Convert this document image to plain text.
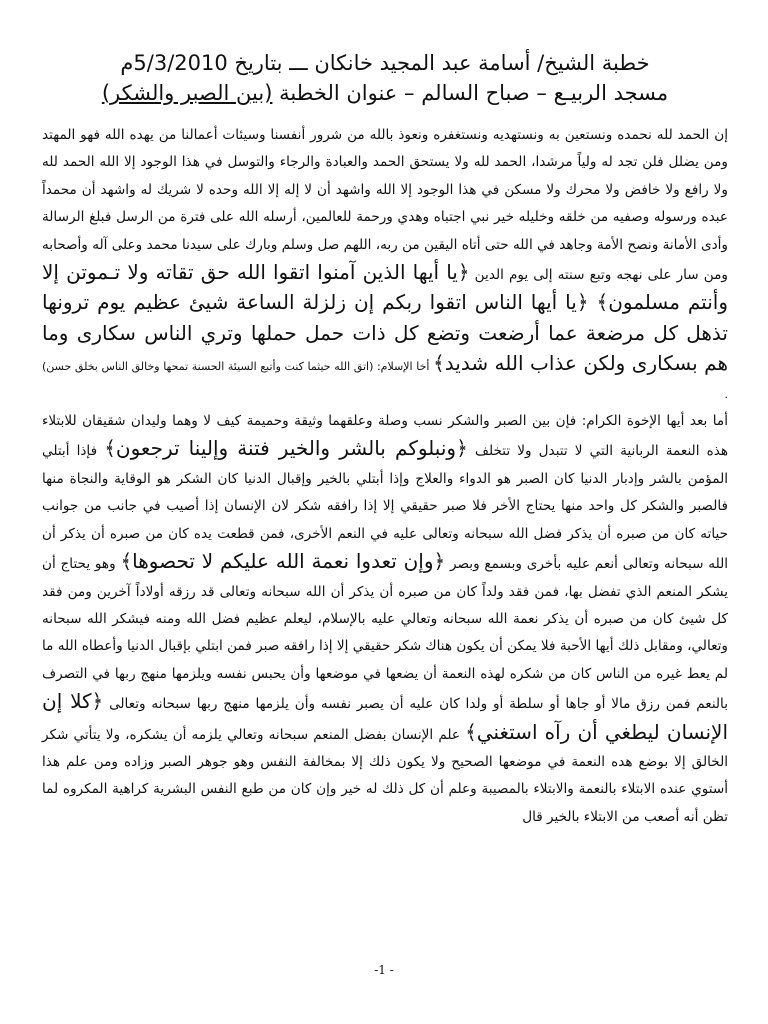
خطبة الشيخ/ أسامة عبد المجيد خانكان ـــ بتاريخ 5/3/2010م
مسجد الربيـع – صباح السالم – عنوان الخطبة (بين الصبر والشكر)
إن الحمد لله نحمده ونستعين به ونستهديه ونستغفره ونعوذ بالله من شرور أنفسنا وسيئات أعمالنا من يهده الله فهو المهتد ومن يضلل فلن تجد له ولياً مرشدا، الحمد لله ولا يستحق الحمد والعبادة والرجاء والتوسل في هذا الوجود إلا الله الحمد لله ولا رافع ولا خافض ولا محرك ولا مسكن في هذا الوجود إلا الله واشهد أن لا إله إلا الله وحده لا شريك له واشهد أن محمداً عبده ورسوله وصفيه من خلقه وخليله خير نبي اجتباه وهدي ورحمة للعالمين، أرسله الله على فترة من الرسل فبلغ الرسالة وأدى الأمانة ونصح الأمة وجاهد في الله حتى أتاه اليقين من ربه، اللهم صل وسلم وبارك على سيدنا محمد وعلى آله وأصحابه ومن سار على نهجه وتبع سنته إلى يوم الدين ﴿يا أيها الذين آمنوا اتقوا الله حق تقاته ولا تـموتن إلا وأنتم مسلمون﴾ ﴿يا أيها الناس اتقوا ربكم إن زلزلة الساعة شيئ عظيم يوم ترونها تذهل كل مرضعة عما أرضعت وتضع كل ذات حمل حملها وتري الناس سكارى وما هم بسكارى ولكن عذاب الله شديد﴾ أخا الإسلام: (اتق الله حيثما كنت وأتبع السيئة الحسنة تمحها وخالق الناس بخلق حسن) .
أما بعد أيها الإخوة الكرام: فإن بين الصبر والشكر نسب وصلة وعلقهما وثيقة وحميمة كيف لا وهما وليدان شقيقان للابتلاء هذه النعمة الربانية التي لا تتبدل ولا تتخلف ﴿ونبلوكم بالشر والخير فتنة وإلينا ترجعون﴾ فإذا أبتلي المؤمن بالشر وإدبار الدنيا كان الصبر هو الدواء والعلاج وإذا أبتلي بالخير وإقبال الدنيا كان الشكر هو الوقاية والنجاة منها فالصبر والشكر كل واحد منها يحتاج الأخر فلا صبر حقيقي إلا إذا رافقه شكر لان الإنسان إذا أصيب في جانب من جوانب حياته كان من صبره أن يذكر فضل الله سبحانه وتعالى عليه في النعم الأخرى، فمن قطعت يده كان من صبره أن يذكر أن الله سبحانه وتعالى أنعم عليه بأخرى وبسمع وبصر ﴿وإن تعدوا نعمة الله عليكم لا تحصوها﴾ وهو يحتاج أن يشكر المنعم الذي تفضل بها، فمن فقد ولداً كان من صبره أن يذكر أن الله سبحانه وتعالى قد رزقه أولاداً آخرين ومن فقد كل شيئ كان من صبره أن يذكر نعمة الله سبحانه وتعالي عليه بالإسلام، ليعلم عظيم فضل الله ومنه فيشكر الله سبحانه وتعالي، ومقابل ذلك أيها الأحبة فلا يمكن أن يكون هناك شكر حقيقي إلا إذا رافقه صبر فمن ابتلي بإقبال الدنيا وأعطاه الله ما لم يعط غيره من الناس كان من شكره لهذه النعمة أن يضعها في موضعها وأن يحبس نفسه ويلزمها منهج ربها في التصرف بالنعم فمن رزق مالا أو جاها أو سلطة أو ولدا كان عليه أن يصبر نفسه وأن يلزمها منهج ربها سبحانه وتعالى ﴿كلا إن الإنسان ليطغي أن رآه استغني﴾ علم الإنسان بفضل المنعم سبحانه وتعالي يلزمه أن يشكره، ولا يتأتي شكر الخالق إلا بوضع هده النعمة في موضعها الصحيح ولا يكون ذلك إلا بمخالفة النفس وهو جوهر الصبر وزاده ومن علم هذا أستوي عنده الابتلاء بالنعمة والابتلاء بالمصيبة وعلم أن كل ذلك له خير وإن كان من طبع النفس البشرية كراهية المكروه لما تظن أنه أصعب من الابتلاء بالخير قال
-1 -
